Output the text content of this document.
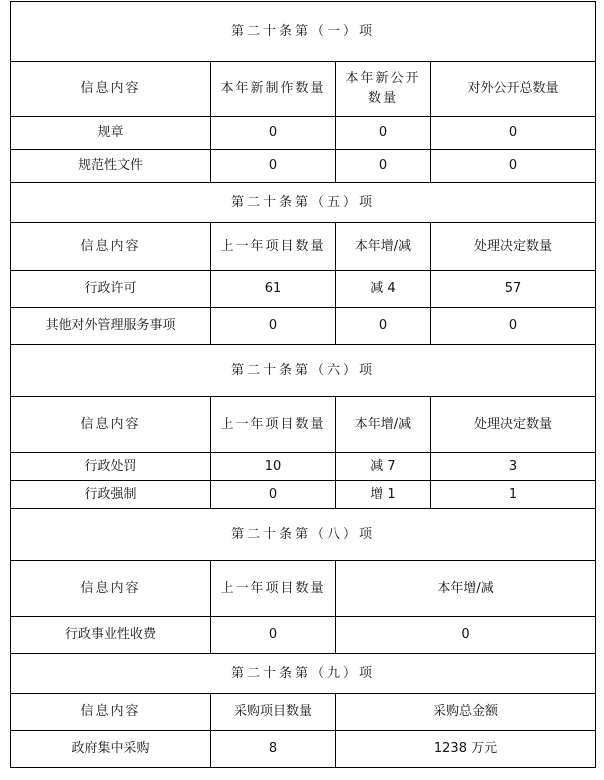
第二十条第（一）项			
信息内容	本年新制作数量	本年新公开数量	对外公开总数量
规章	0	0	0
规范性文件	0	0	0
第二十条第（五）项			
信息内容	上一年项目数量	本年增/减	处理决定数量
行政许可	61	减 4	57
其他对外管理服务事项	0	0	0
第二十条第（六）项			
信息内容	上一年项目数量	本年增/减	处理决定数量
行政处罚	10	减 7	3
行政强制	0	增 1	1
第二十条第（八）项			
信息内容	上一年项目数量	本年增/减	
行政事业性收费	0	0	
第二十条第（九）项			
信息内容	采购项目数量	采购总金额	
政府集中采购	8	1238 万元	
